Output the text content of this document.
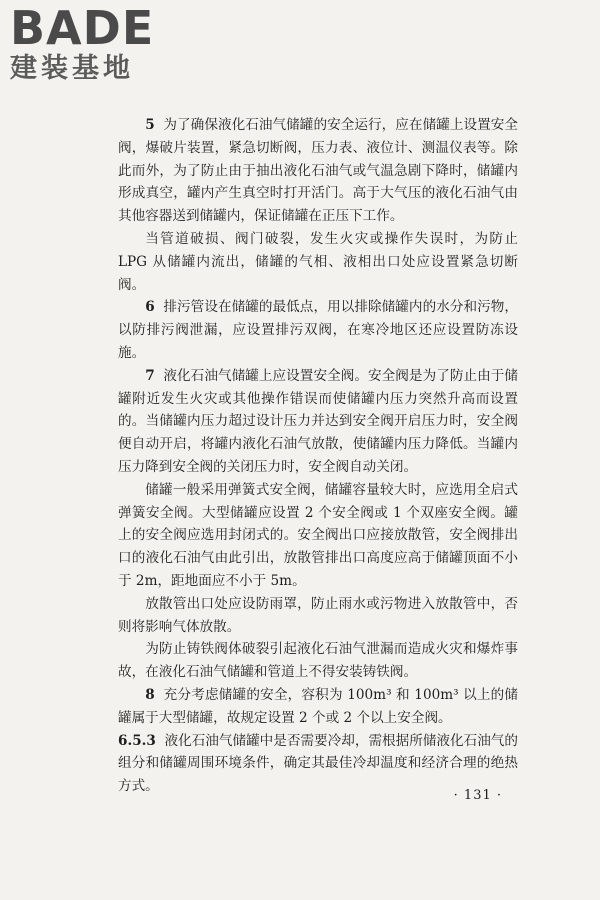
BADE
建装基地

5 为了确保液化石油气储罐的安全运行，应在储罐上设置安全阀，爆破片装置，紧急切断阀，压力表、液位计、测温仪表等。除此而外，为了防止由于抽出液化石油气或气温急剧下降时，储罐内形成真空，罐内产生真空时打开活门。高于大气压的液化石油气由其他容器送到储罐内，保证储罐在正压下工作。

当管道破损、阀门破裂，发生火灾或操作失误时，为防止 LPG 从储罐内流出，储罐的气相、液相出口处应设置紧急切断阀。

6 排污管设在储罐的最低点，用以排除储罐内的水分和污物，以防排污阀泄漏，应设置排污双阀，在寒冷地区还应设置防冻设施。

7 液化石油气储罐上应设置安全阀。安全阀是为了防止由于储罐附近发生火灾或其他操作错误而使储罐内压力突然升高而设置的。当储罐内压力超过设计压力并达到安全阀开启压力时，安全阀便自动开启，将罐内液化石油气放散，使储罐内压力降低。当罐内压力降到安全阀的关闭压力时，安全阀自动关闭。

储罐一般采用弹簧式安全阀，储罐容量较大时，应选用全启式弹簧安全阀。大型储罐应设置 2 个安全阀或 1 个双座安全阀。罐上的安全阀应选用封闭式的。安全阀出口应接放散管，安全阀排出口的液化石油气由此引出，放散管排出口高度应高于储罐顶面不小于 2m，距地面应不小于 5m。

放散管出口处应设防雨罩，防止雨水或污物进入放散管中，否则将影响气体放散。

为防止铸铁阀体破裂引起液化石油气泄漏而造成火灾和爆炸事故，在液化石油气储罐和管道上不得安装铸铁阀。

8 充分考虑储罐的安全，容积为 100m³ 和 100m³ 以上的储罐属于大型储罐，故规定设置 2 个或 2 个以上安全阀。

6.5.3 液化石油气储罐中是否需要冷却，需根据所储液化石油气的组分和储罐周围环境条件，确定其最佳冷却温度和经济合理的绝热方式。

· 131 ·
